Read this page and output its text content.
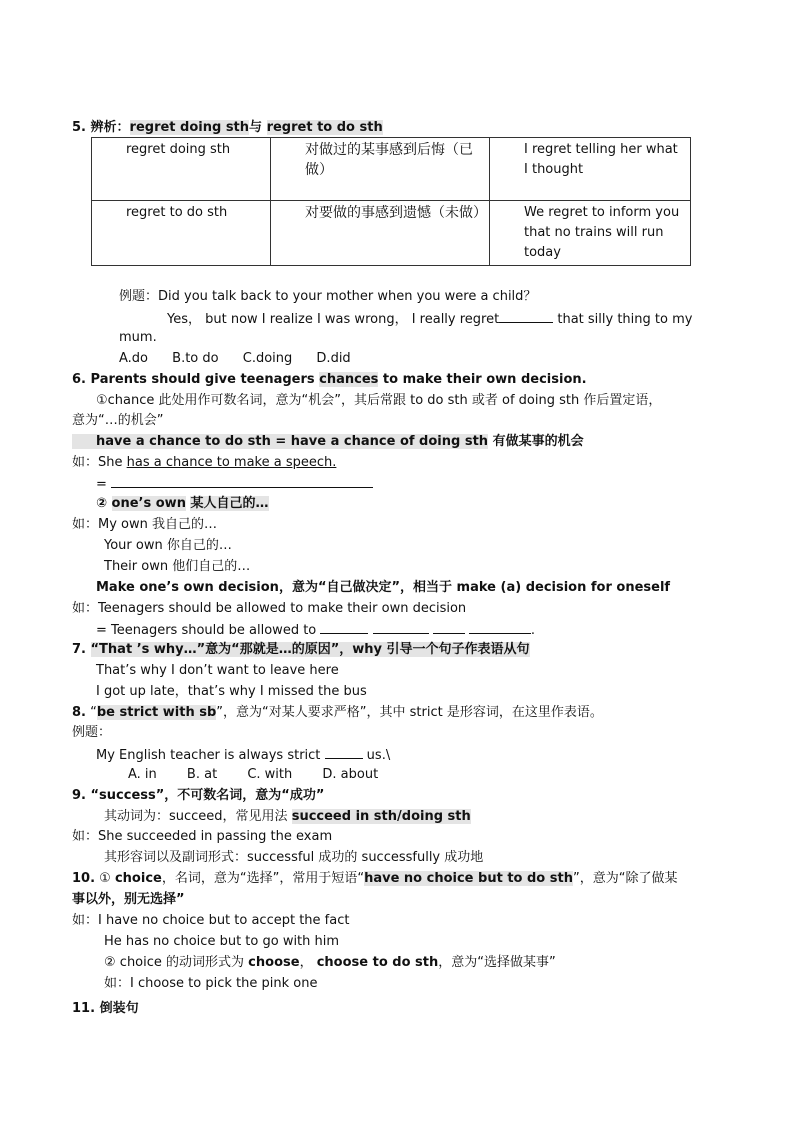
5. 辨析：regret doing sth与 regret to do sth
regret doing sth	对做过的某事感到后悔（已做）	I regret telling her what I thought
regret to do sth	对要做的事感到遗憾（未做）	We regret to inform you that no trains will run today
例题：Did you talk back to your mother when you were a child？
Yes， but now I realize I was wrong， I really regret	that silly thing to my
mum.
A.do B.to do C.doing D.did
6. Parents should give teenagers chances to make their own decision.
①chance 此处用作可数名词，意为“机会”，其后常跟 to do sth 或者 of doing sth 作后置定语，
意为“…的机会”
have a chance to do sth = have a chance of doing sth 有做某事的机会
如：She has a chance to make a speech.
=
② one’s own 某人自己的…
如：My own 我自己的…
Your own 你自己的…
Their own 他们自己的…
Make one’s own decision，意为“自己做决定”，相当于 make (a) decision for oneself
如：Teenagers should be allowed to make their own decision
= Teenagers should be allowed to	.
7. “That ’s why…”意为“那就是…的原因”，why 引导一个句子作表语从句
That’s why I don’t want to leave here
I got up late，that’s why I missed the bus
8. “be strict with sb”，意为“对某人要求严格”，其中 strict 是形容词，在这里作表语。
例题：
My English teacher is always strict	us.\
A. in B. at C. with D. about
9. “success”，不可数名词，意为“成功”
其动词为：succeed，常见用法 succeed in sth/doing sth
如：She succeeded in passing the exam
其形容词以及副词形式：successful 成功的 successfully 成功地
10. ① choice，名词，意为“选择”，常用于短语“have no choice but to do sth”，意为“除了做某
事以外，别无选择”
如：I have no choice but to accept the fact
He has no choice but to go with him
② choice 的动词形式为 choose， choose to do sth，意为“选择做某事”
如：I choose to pick the pink one
11. 倒装句
